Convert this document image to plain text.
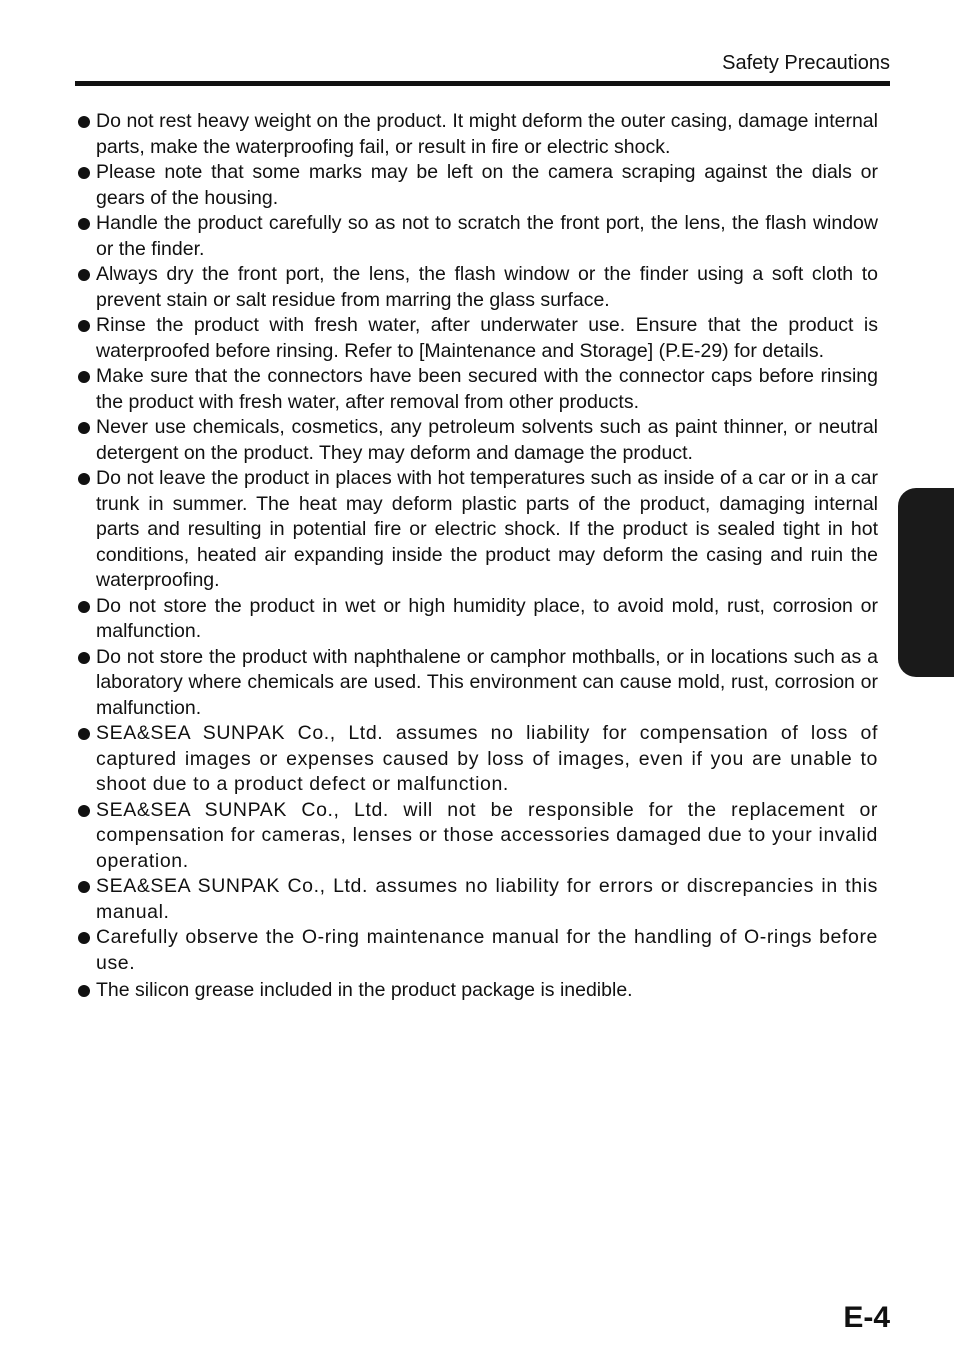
Safety Precautions
Do not rest heavy weight on the product. It might deform the outer casing, damage internal parts, make the waterproofing fail, or result in fire or electric shock.
Please note that some marks may be left on the camera scraping against the dials or gears of the housing.
Handle the product carefully so as not to scratch the front port, the lens, the flash window or the finder.
Always dry the front port, the lens, the flash window or the finder using a soft cloth to prevent stain or salt residue from marring the glass surface.
Rinse the product with fresh water, after underwater use. Ensure that the product is waterproofed before rinsing. Refer to [Maintenance and Storage] (P.E-29) for details.
Make sure that the connectors have been secured with the connector caps before rinsing the product with fresh water, after removal from other products.
Never use chemicals, cosmetics, any petroleum solvents such as paint thinner, or neutral detergent on the product. They may deform and damage the product.
Do not leave the product in places with hot temperatures such as inside of a car or in a car trunk in summer. The heat may deform plastic parts of the product, damaging internal parts and resulting in potential fire or electric shock. If the product is sealed tight in hot conditions, heated air expanding inside the product may deform the casing and ruin the waterproofing.
Do not store the product in wet or high humidity place, to avoid mold, rust, corrosion or malfunction.
Do not store the product with naphthalene or camphor mothballs, or in locations such as a laboratory where chemicals are used. This environment can cause mold, rust, corrosion or malfunction.
SEA&SEA SUNPAK Co., Ltd. assumes no liability for compensation of loss of captured images or expenses caused by loss of images, even if you are unable to shoot due to a product defect or malfunction.
SEA&SEA SUNPAK Co., Ltd. will not be responsible for the replacement or compensation for cameras, lenses or those accessories damaged due to your invalid operation.
SEA&SEA SUNPAK Co., Ltd. assumes no liability for errors or discrepancies in this manual.
Carefully observe the O-ring maintenance manual for the handling of O-rings before use.
The silicon grease included in the product package is inedible.
E-4
